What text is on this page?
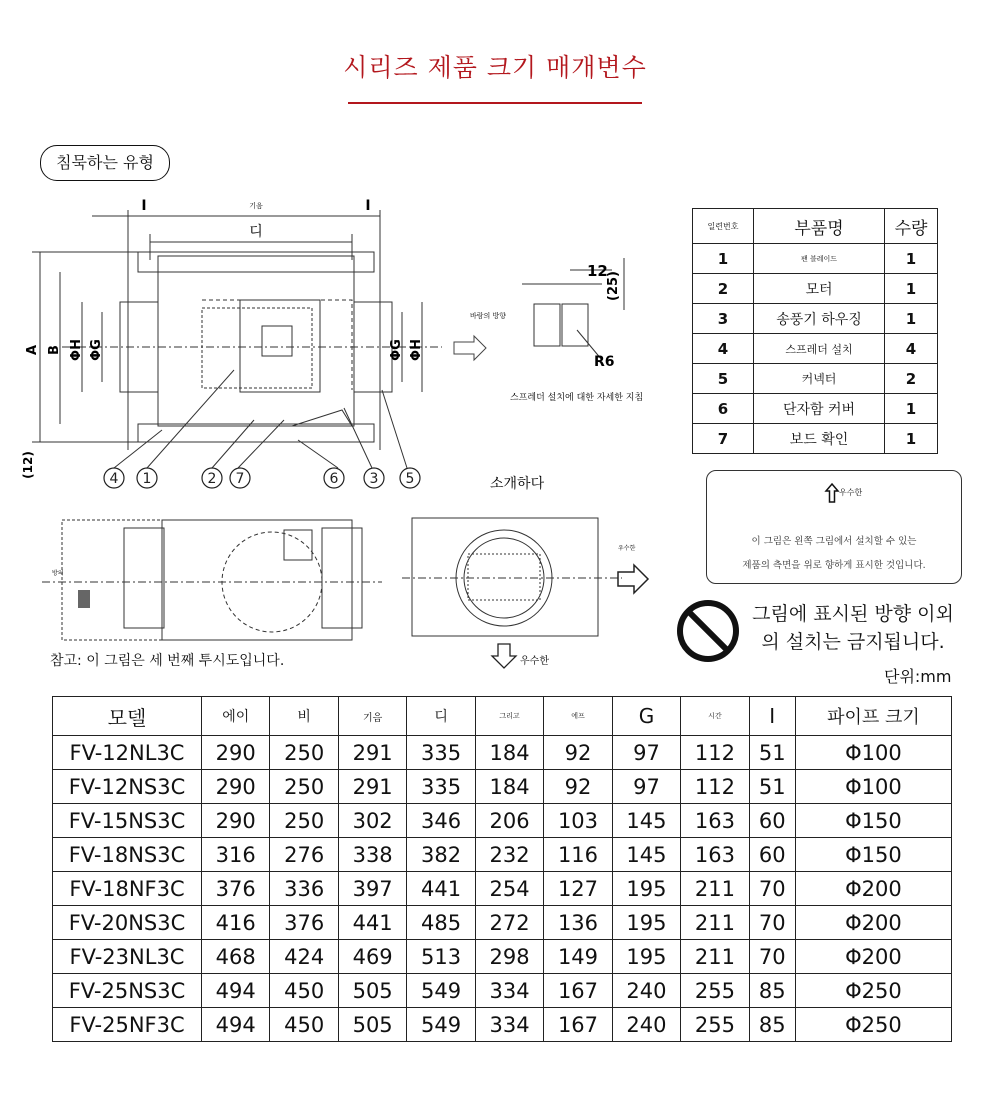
시리즈 제품 크기 매개변수
침묵하는 유형
4 1	2 7	6 3 5
기음
디
I	I
A B ΦH ΦG	ΦG ΦH
(12)
바람의 방향
12
(25)
R6
스프레더 설치에 대한 자세한 지침
소개하다
방의
우수한
우수한
참고: 이 그림은 세 번째 투시도입니다.
일련번호	부품명	수량
1	팬 블레이드	1
2	모터	1
3	송풍기 하우징	1
4	스프레더 설치	4
5	커넥터	2
6	단자함 커버	1
7	보드 확인	1
우수한
이 그림은 왼쪽 그림에서 설치할 수 있는
제품의 측면을 위로 향하게 표시한 것입니다.
그림에 표시된 방향 이외
의 설치는 금지됩니다.
단위:mm
모델	에이	비	기음	디	그리고	에프	G	시간	I	파이프 크기
FV-12NL3C	290	250	291	335	184	92	97	112	51	Φ100
FV-12NS3C	290	250	291	335	184	92	97	112	51	Φ100
FV-15NS3C	290	250	302	346	206	103	145	163	60	Φ150
FV-18NS3C	316	276	338	382	232	116	145	163	60	Φ150
FV-18NF3C	376	336	397	441	254	127	195	211	70	Φ200
FV-20NS3C	416	376	441	485	272	136	195	211	70	Φ200
FV-23NL3C	468	424	469	513	298	149	195	211	70	Φ200
FV-25NS3C	494	450	505	549	334	167	240	255	85	Φ250
FV-25NF3C	494	450	505	549	334	167	240	255	85	Φ250
